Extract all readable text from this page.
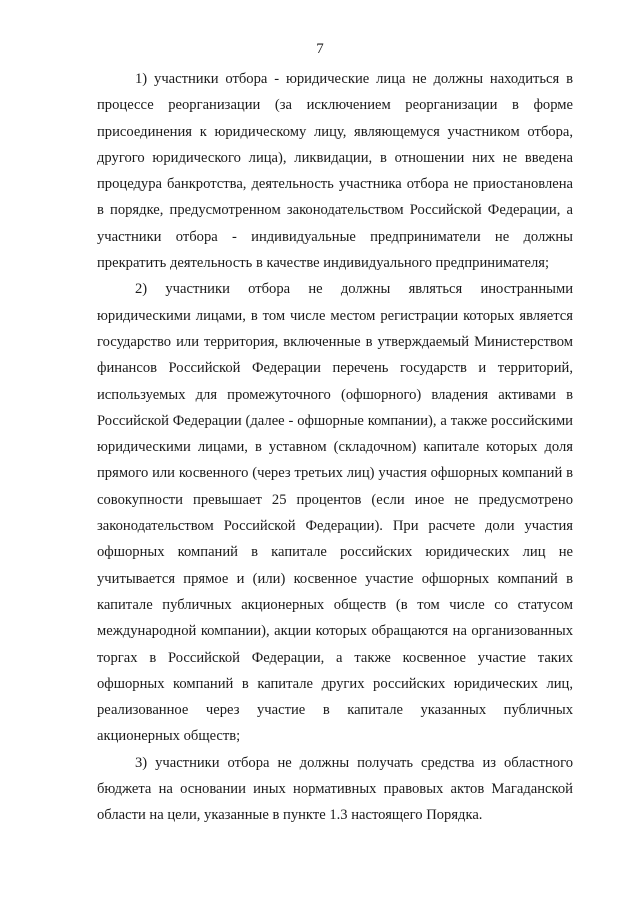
7

1) участники отбора - юридические лица не должны находиться в процессе реорганизации (за исключением реорганизации в форме присоединения к юридическому лицу, являющемуся участником отбора, другого юридического лица), ликвидации, в отношении них не введена процедура банкротства, деятельность участника отбора не приостановлена в порядке, предусмотренном законодательством Российской Федерации, а участники отбора - индивидуальные предприниматели не должны прекратить деятельность в качестве индивидуального предпринимателя;

2) участники отбора не должны являться иностранными юридическими лицами, в том числе местом регистрации которых является государство или территория, включенные в утверждаемый Министерством финансов Российской Федерации перечень государств и территорий, используемых для промежуточного (офшорного) владения активами в Российской Федерации (далее - офшорные компании), а также российскими юридическими лицами, в уставном (складочном) капитале которых доля прямого или косвенного (через третьих лиц) участия офшорных компаний в совокупности превышает 25 процентов (если иное не предусмотрено законодательством Российской Федерации). При расчете доли участия офшорных компаний в капитале российских юридических лиц не учитывается прямое и (или) косвенное участие офшорных компаний в капитале публичных акционерных обществ (в том числе со статусом международной компании), акции которых обращаются на организованных торгах в Российской Федерации, а также косвенное участие таких офшорных компаний в капитале других российских юридических лиц, реализованное через участие в капитале указанных публичных акционерных обществ;

3) участники отбора не должны получать средства из областного бюджета на основании иных нормативных правовых актов Магаданской области на цели, указанные в пункте 1.3 настоящего Порядка.
